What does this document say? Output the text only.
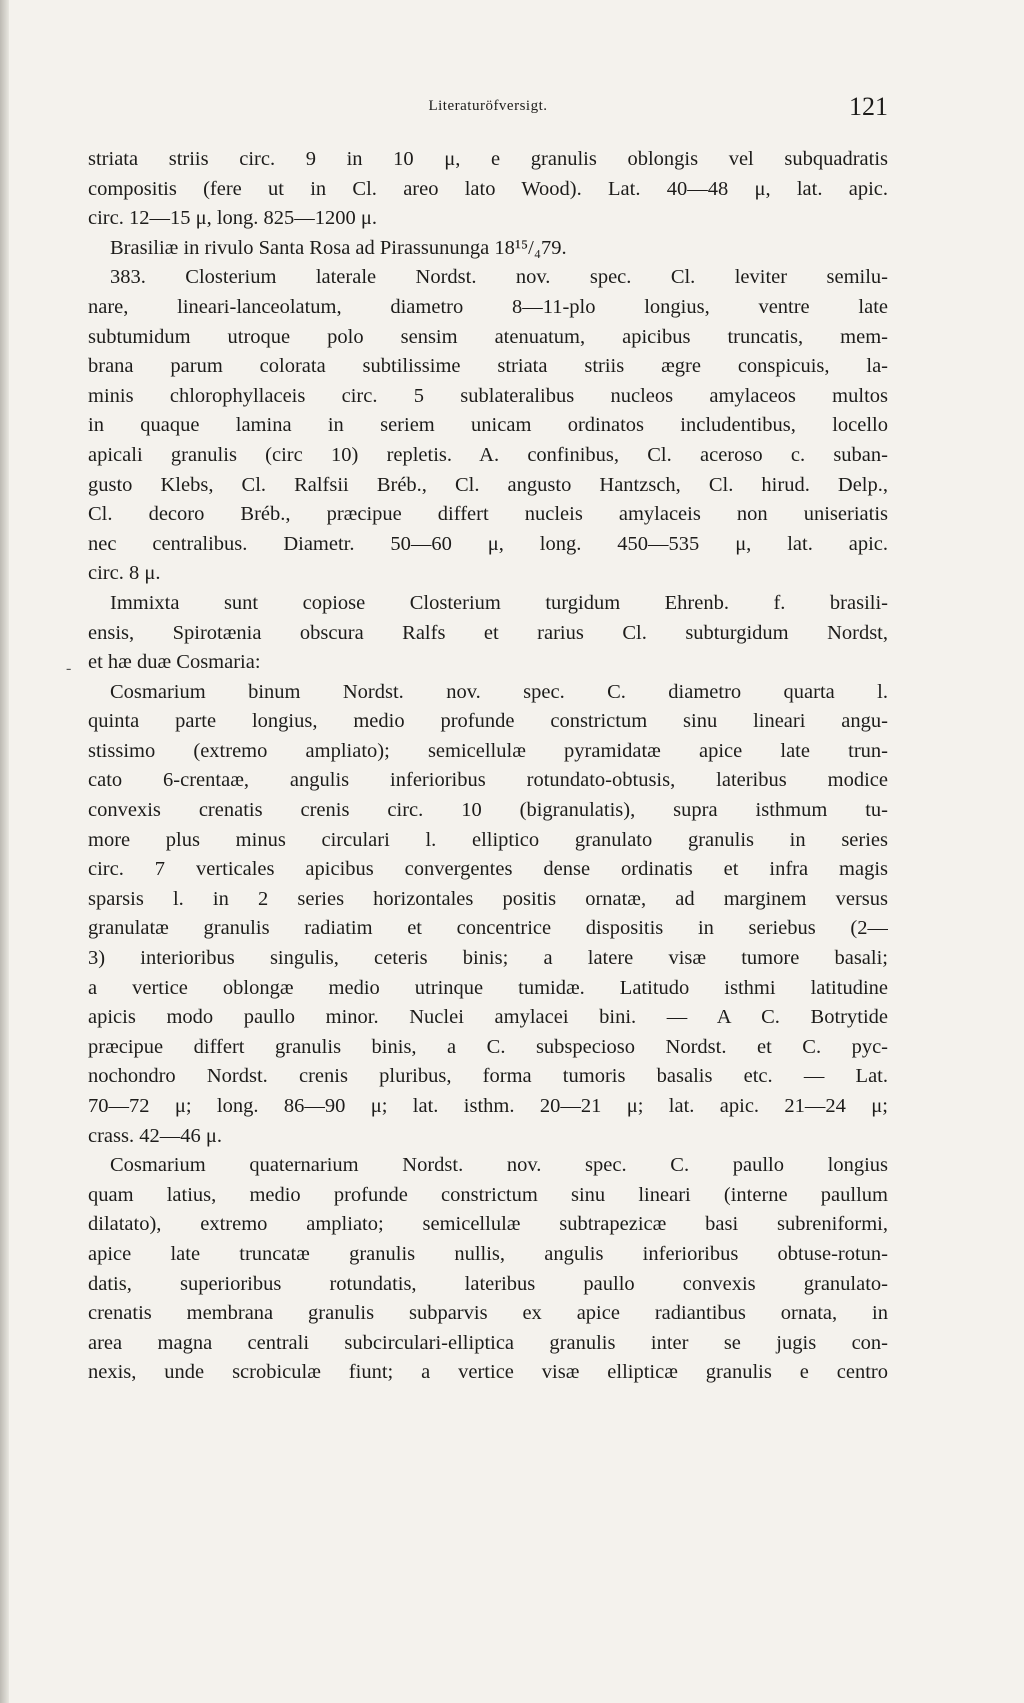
Literaturöfversigt.	121
-
striata striis circ. 9 in 10 μ, e granulis oblongis vel subquadratis
compositis (fere ut in Cl. areo lato Wood). Lat. 40—48 μ, lat. apic.
circ. 12—15 μ, long. 825—1200 μ.
Brasiliæ in rivulo Santa Rosa ad Pirassununga 18¹⁵/₄79.
383. Closterium laterale Nordst. nov. spec. Cl. leviter semilu-
nare, lineari-lanceolatum, diametro 8—11-plo longius, ventre late
subtumidum utroque polo sensim atenuatum, apicibus truncatis, mem-
brana parum colorata subtilissime striata striis ægre conspicuis, la-
minis chlorophyllaceis circ. 5 sublateralibus nucleos amylaceos multos
in quaque lamina in seriem unicam ordinatos includentibus, locello
apicali granulis (circ 10) repletis. A. confinibus, Cl. aceroso c. suban-
gusto Klebs, Cl. Ralfsii Bréb., Cl. angusto Hantzsch, Cl. hirud. Delp.,
Cl. decoro Bréb., præcipue differt nucleis amylaceis non uniseriatis
nec centralibus. Diametr. 50—60 μ, long. 450—535 μ, lat. apic.
circ. 8 μ.
Immixta sunt copiose Closterium turgidum Ehrenb. f. brasili-
ensis, Spirotænia obscura Ralfs et rarius Cl. subturgidum Nordst,
et hæ duæ Cosmaria:
Cosmarium binum Nordst. nov. spec. C. diametro quarta l.
quinta parte longius, medio profunde constrictum sinu lineari angu-
stissimo (extremo ampliato); semicellulæ pyramidatæ apice late trun-
cato 6-crentaæ, angulis inferioribus rotundato-obtusis, lateribus modice
convexis crenatis crenis circ. 10 (bigranulatis), supra isthmum tu-
more plus minus circulari l. elliptico granulato granulis in series
circ. 7 verticales apicibus convergentes dense ordinatis et infra magis
sparsis l. in 2 series horizontales positis ornatæ, ad marginem versus
granulatæ granulis radiatim et concentrice dispositis in seriebus (2—
3) interioribus singulis, ceteris binis; a latere visæ tumore basali;
a vertice oblongæ medio utrinque tumidæ. Latitudo isthmi latitudine
apicis modo paullo minor. Nuclei amylacei bini. — A C. Botrytide
præcipue differt granulis binis, a C. subspecioso Nordst. et C. pyc-
nochondro Nordst. crenis pluribus, forma tumoris basalis etc. — Lat.
70—72 μ; long. 86—90 μ; lat. isthm. 20—21 μ; lat. apic. 21—24 μ;
crass. 42—46 μ.
Cosmarium quaternarium Nordst. nov. spec. C. paullo longius
quam latius, medio profunde constrictum sinu lineari (interne paullum
dilatato), extremo ampliato; semicellulæ subtrapezicæ basi subreniformi,
apice late truncatæ granulis nullis, angulis inferioribus obtuse-rotun-
datis, superioribus rotundatis, lateribus paullo convexis granulato-
crenatis membrana granulis subparvis ex apice radiantibus ornata, in
area magna centrali subcirculari-elliptica granulis inter se jugis con-
nexis, unde scrobiculæ fiunt; a vertice visæ ellipticæ granulis e centro
